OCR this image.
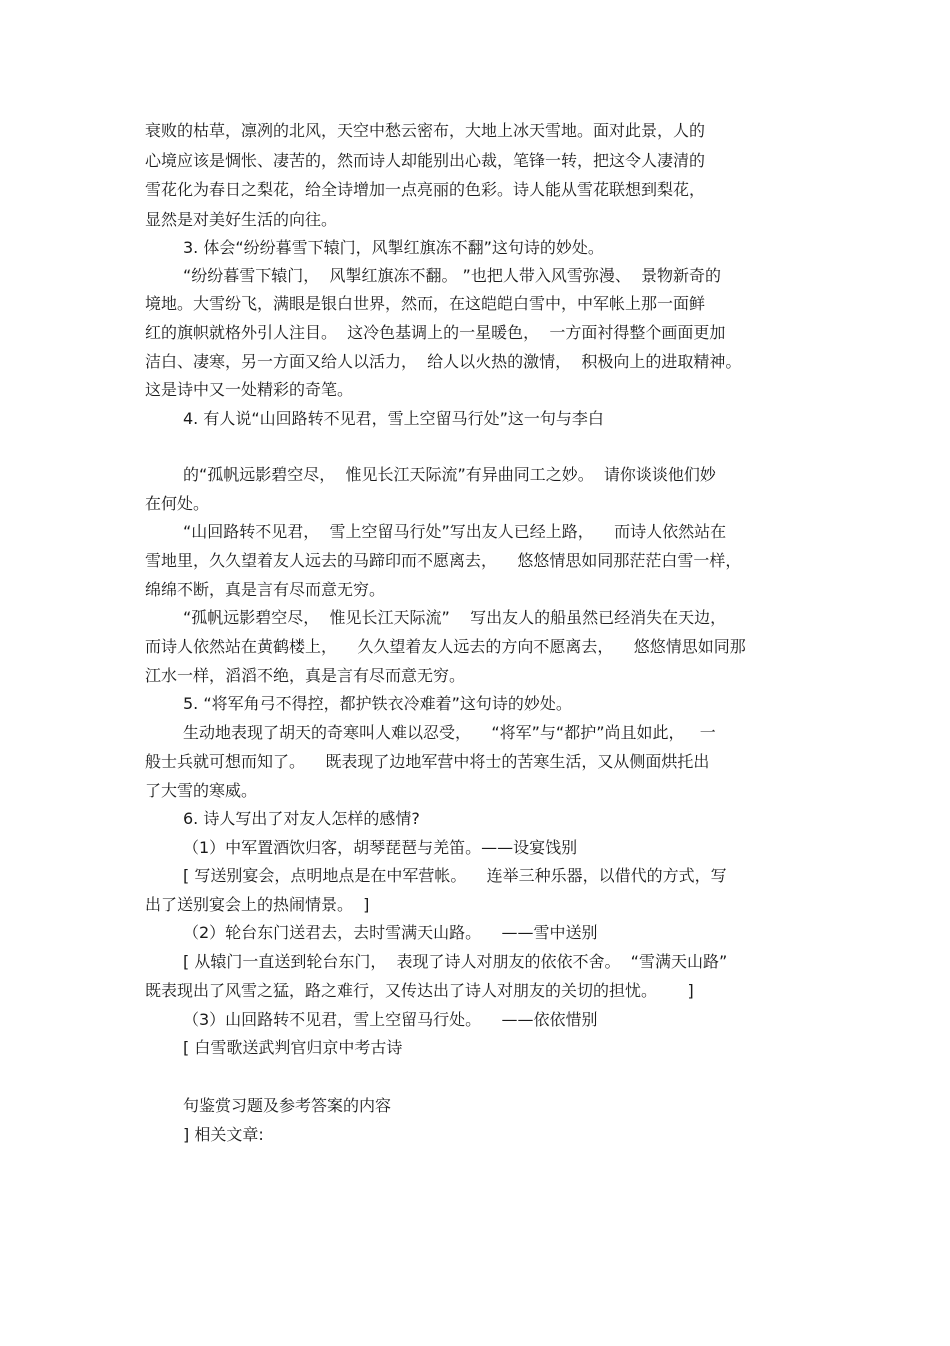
衰败的枯草，凛冽的北风，天空中愁云密布，大地上冰天雪地。面对此景，人的
心境应该是惆怅、凄苦的，然而诗人却能别出心裁，笔锋一转，把这令人凄清的
雪花化为春日之梨花，给全诗增加一点亮丽的色彩。诗人能从雪花联想到梨花，
显然是对美好生活的向往。
3. 体会“纷纷暮雪下辕门，风掣红旗冻不翻”这句诗的妙处。
“纷纷暮雪下辕门，  风掣红旗冻不翻。 ”也把人带入风雪弥漫、  景物新奇的
境地。大雪纷飞，满眼是银白世界，然而，在这皑皑白雪中，中军帐上那一面鲜
红的旗帜就格外引人注目。  这冷色基调上的一星暖色，  一方面衬得整个画面更加
洁白、凄寒，另一方面又给人以活力，  给人以火热的激情，  积极向上的进取精神。
这是诗中又一处精彩的奇笔。
4. 有人说“山回路转不见君，雪上空留马行处”这一句与李白
的“孤帆远影碧空尽，  惟见长江天际流”有异曲同工之妙。  请你谈谈他们妙
在何处。
“山回路转不见君，  雪上空留马行处”写出友人已经上路，    而诗人依然站在
雪地里，久久望着友人远去的马蹄印而不愿离去，    悠悠情思如同那茫茫白雪一样，
绵绵不断，真是言有尽而意无穷。
“孤帆远影碧空尽，  惟见长江天际流”    写出友人的船虽然已经消失在天边，
而诗人依然站在黄鹤楼上，    久久望着友人远去的方向不愿离去，    悠悠情思如同那
江水一样，滔滔不绝，真是言有尽而意无穷。
5. “将军角弓不得控，都护铁衣冷难着”这句诗的妙处。
生动地表现了胡天的奇寒叫人难以忍受，    “将军”与“都护”尚且如此，   一
般士兵就可想而知了。    既表现了边地军营中将士的苦寒生活，又从侧面烘托出
了大雪的寒威。
6. 诗人写出了对友人怎样的感情?
（1）中军置酒饮归客，胡琴琵琶与羌笛。——设宴饯别
[ 写送别宴会，点明地点是在中军营帐。    连举三种乐器，以借代的方式，写
出了送别宴会上的热闹情景。  ]
（2）轮台东门送君去，去时雪满天山路。    ——雪中送别
[ 从辕门一直送到轮台东门，  表现了诗人对朋友的依依不舍。  “雪满天山路”
既表现出了风雪之猛，路之难行，又传达出了诗人对朋友的关切的担忧。      ]
（3）山回路转不见君，雪上空留马行处。    ——依依惜别
[ 白雪歌送武判官归京中考古诗
句鉴赏习题及参考答案的内容
] 相关文章:
